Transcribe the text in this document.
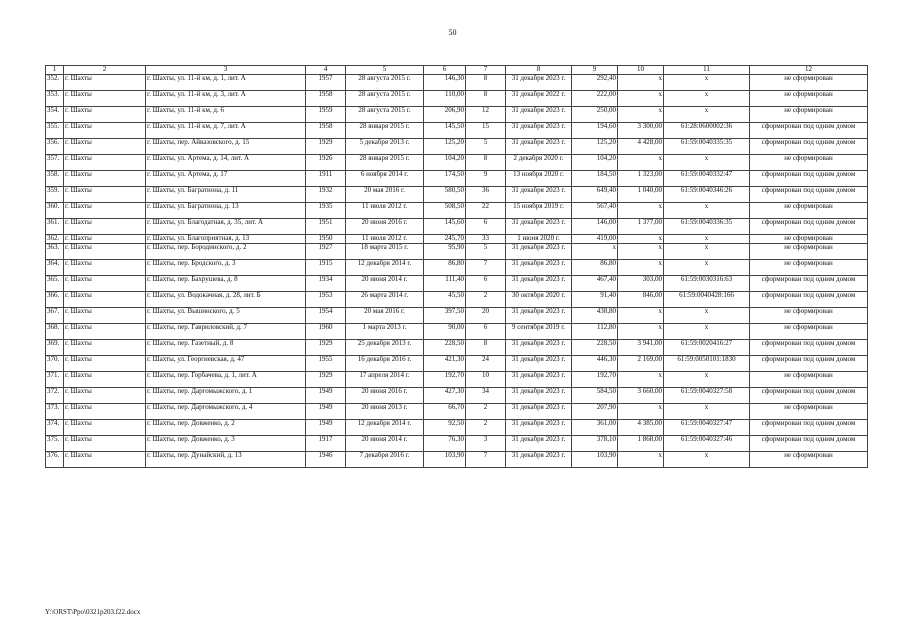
50
1	2	3	4	5	6	7	8	9	10	11	12
352.	г. Шахты	г. Шахты, ул. 11-й км, д. 1, лит. А	1957	28 августа 2015 г.	146,30	8	31 декабря 2023 г.	292,40	x	x	не сформирован
353.	г. Шахты	г. Шахты, ул. 11-й км, д. 3, лит. А	1958	28 августа 2015 г.	110,00	8	31 декабря 2022 г.	222,00	x	x	не сформирован
354.	г. Шахты	г. Шахты, ул. 11-й км, д. 6	1959	28 августа 2015 г.	206,90	12	31 декабря 2023 г.	250,00	x	x	не сформирован
355.	г. Шахты	г. Шахты, ул. 11-й км, д. 7, лит. А	1958	28 января 2015 г.	145,50	15	31 декабря 2023 г.	194,60	3 300,00	61:28:0600002:36	сформирован под одним домом
356.	г. Шахты	г. Шахты, пер. Айвазовского, д. 15	1929	5 декабря 2013 г.	125,20	5	31 декабря 2023 г.	125,20	4 428,00	61:59:0040335:35	сформирован под одним домом
357.	г. Шахты	г. Шахты, ул. Артема, д. 14, лит. А	1926	28 января 2015 г.	104,20	8	2 декабря 2020 г.	104,20	x	x	не сформирован
358.	г. Шахты	г. Шахты, ул. Артема, д. 17	1911	6 ноября 2014 г.	174,50	9	13 ноября 2020 г.	184,50	1 323,00	61:59:0040332:47	сформирован под одним домом
359.	г. Шахты	г. Шахты, ул. Багратиона, д. 11	1932	20 мая 2016 г.	580,50	36	31 декабря 2023 г.	649,40	1 040,00	61:59:0040346:26	сформирован под одним домом
360.	г. Шахты	г. Шахты, ул. Багратиона, д. 13	1935	11 июля 2012 г.	508,50	22	15 ноября 2019 г.	567,40	x	x	не сформирован
361.	г. Шахты	г. Шахты, ул. Благодатная, д. 35, лит. А	1951	20 июня 2016 г.	145,60	6	31 декабря 2023 г.	146,00	1 377,00	61:59:0040336:35	сформирован под одним домом
362.	г. Шахты	г. Шахты, ул. Благоприятная, д. 13	1950	11 июля 2012 г.	245,70	33	1 июня 2020 г.	419,00	x	x	не сформирован
363.	г. Шахты	г. Шахты, пер. Бородинского, д. 2	1927	18 марта 2015 г.	95,90	5	31 декабря 2023 г.	x	x	x	не сформирован
364.	г. Шахты	г. Шахты, пер. Бродского, д. 3	1915	12 декабря 2014 г.	86,80	7	31 декабря 2023 г.	86,80	x	x	не сформирован
365.	г. Шахты	г. Шахты, пер. Бахрушева, д. 8	1934	20 июня 2014 г.	111,40	6	31 декабря 2023 г.	467,40	303,00	61:59:0030316:63	сформирован под одним домом
366.	г. Шахты	г. Шахты, ул. Водокачная, д. 28, лит. Б	1953	26 марта 2014 г.	45,50	2	30 октября 2020 г.	91,40	846,00	61:59:0040428:166	сформирован под одним домом
367.	г. Шахты	г. Шахты, ул. Вышинского, д. 5	1954	20 мая 2016 г.	397,50	20	31 декабря 2023 г.	438,80	x	x	не сформирован
368.	г. Шахты	г. Шахты, пер. Гавриловский, д. 7	1960	1 марта 2013 г.	90,00	6	9 сентября 2019 г.	112,80	x	x	не сформирован
369.	г. Шахты	г. Шахты, пер. Газетный, д. 8	1929	25 декабря 2013 г.	228,50	8	31 декабря 2023 г.	228,50	3 941,00	61:59:0020416:27	сформирован под одним домом
370.	г. Шахты	г. Шахты, ул. Георгиевская, д. 47	1955	16 декабря 2016 г.	421,30	24	31 декабря 2023 г.	446,30	2 169,00	61:59:0050101:1830	сформирован под одним домом
371.	г. Шахты	г. Шахты, пер. Горбачева, д. 1, лит. А	1929	17 апреля 2014 г.	192,70	10	31 декабря 2023 г.	192,70	x	x	не сформирован
372.	г. Шахты	г. Шахты, пер. Даргомыжского, д. 1	1949	20 июня 2016 г.	427,30	34	31 декабря 2023 г.	584,50	3 660,00	61:59:0040327:58	сформирован под одним домом
373.	г. Шахты	г. Шахты, пер. Даргомыжского, д. 4	1949	20 июня 2013 г.	66,70	2	31 декабря 2023 г.	207,90	x	x	не сформирован
374.	г. Шахты	г. Шахты, пер. Довженко, д. 2	1949	12 декабря 2014 г.	92,50	2	31 декабря 2023 г.	361,00	4 385,00	61:59:0040327:47	сформирован под одним домом
375.	г. Шахты	г. Шахты, пер. Довженко, д. 3	1917	20 июня 2014 г.	76,30	3	31 декабря 2023 г.	378,10	1 868,00	61:59:0040327:46	сформирован под одним домом
376.	г. Шахты	г. Шахты, пер. Дунайский, д. 13	1946	7 декабря 2016 г.	103,90	7	31 декабря 2023 г.	103,90	x	x	не сформирован
Y:\ORST\Ppo\0321p203.f22.docx
